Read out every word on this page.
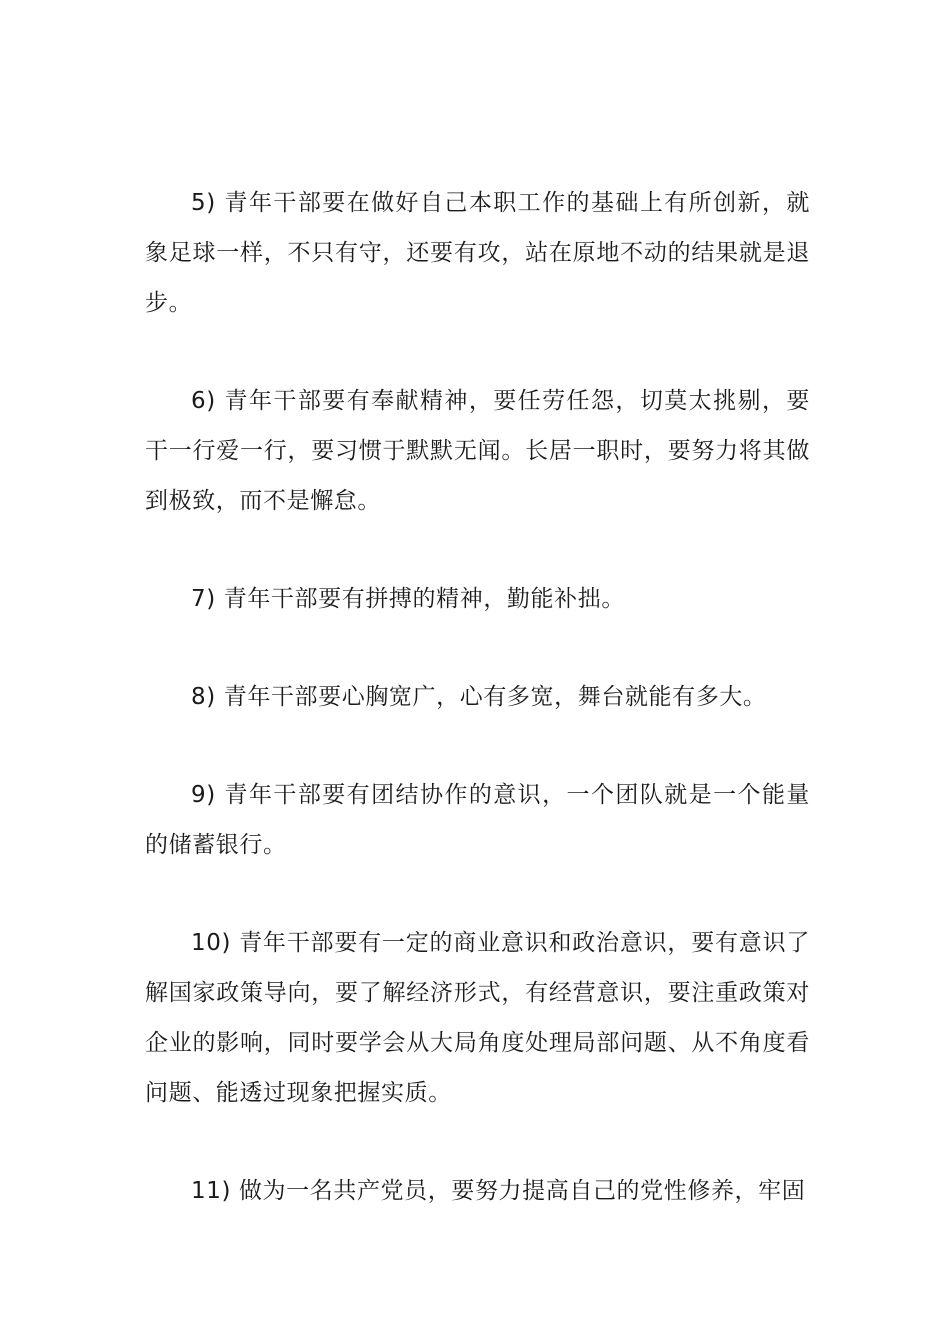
5) 青年干部要在做好自己本职工作的基础上有所创新，就象足球一样，不只有守，还要有攻，站在原地不动的结果就是退步。

6) 青年干部要有奉献精神，要任劳任怨，切莫太挑剔，要干一行爱一行，要习惯于默默无闻。长居一职时，要努力将其做到极致，而不是懈怠。

7) 青年干部要有拼搏的精神，勤能补拙。

8) 青年干部要心胸宽广，心有多宽，舞台就能有多大。

9) 青年干部要有团结协作的意识，一个团队就是一个能量的储蓄银行。

10) 青年干部要有一定的商业意识和政治意识，要有意识了解国家政策导向，要了解经济形式，有经营意识，要注重政策对企业的影响，同时要学会从大局角度处理局部问题、从不角度看问题、能透过现象把握实质。

11) 做为一名共产党员，要努力提高自己的党性修养，牢固
